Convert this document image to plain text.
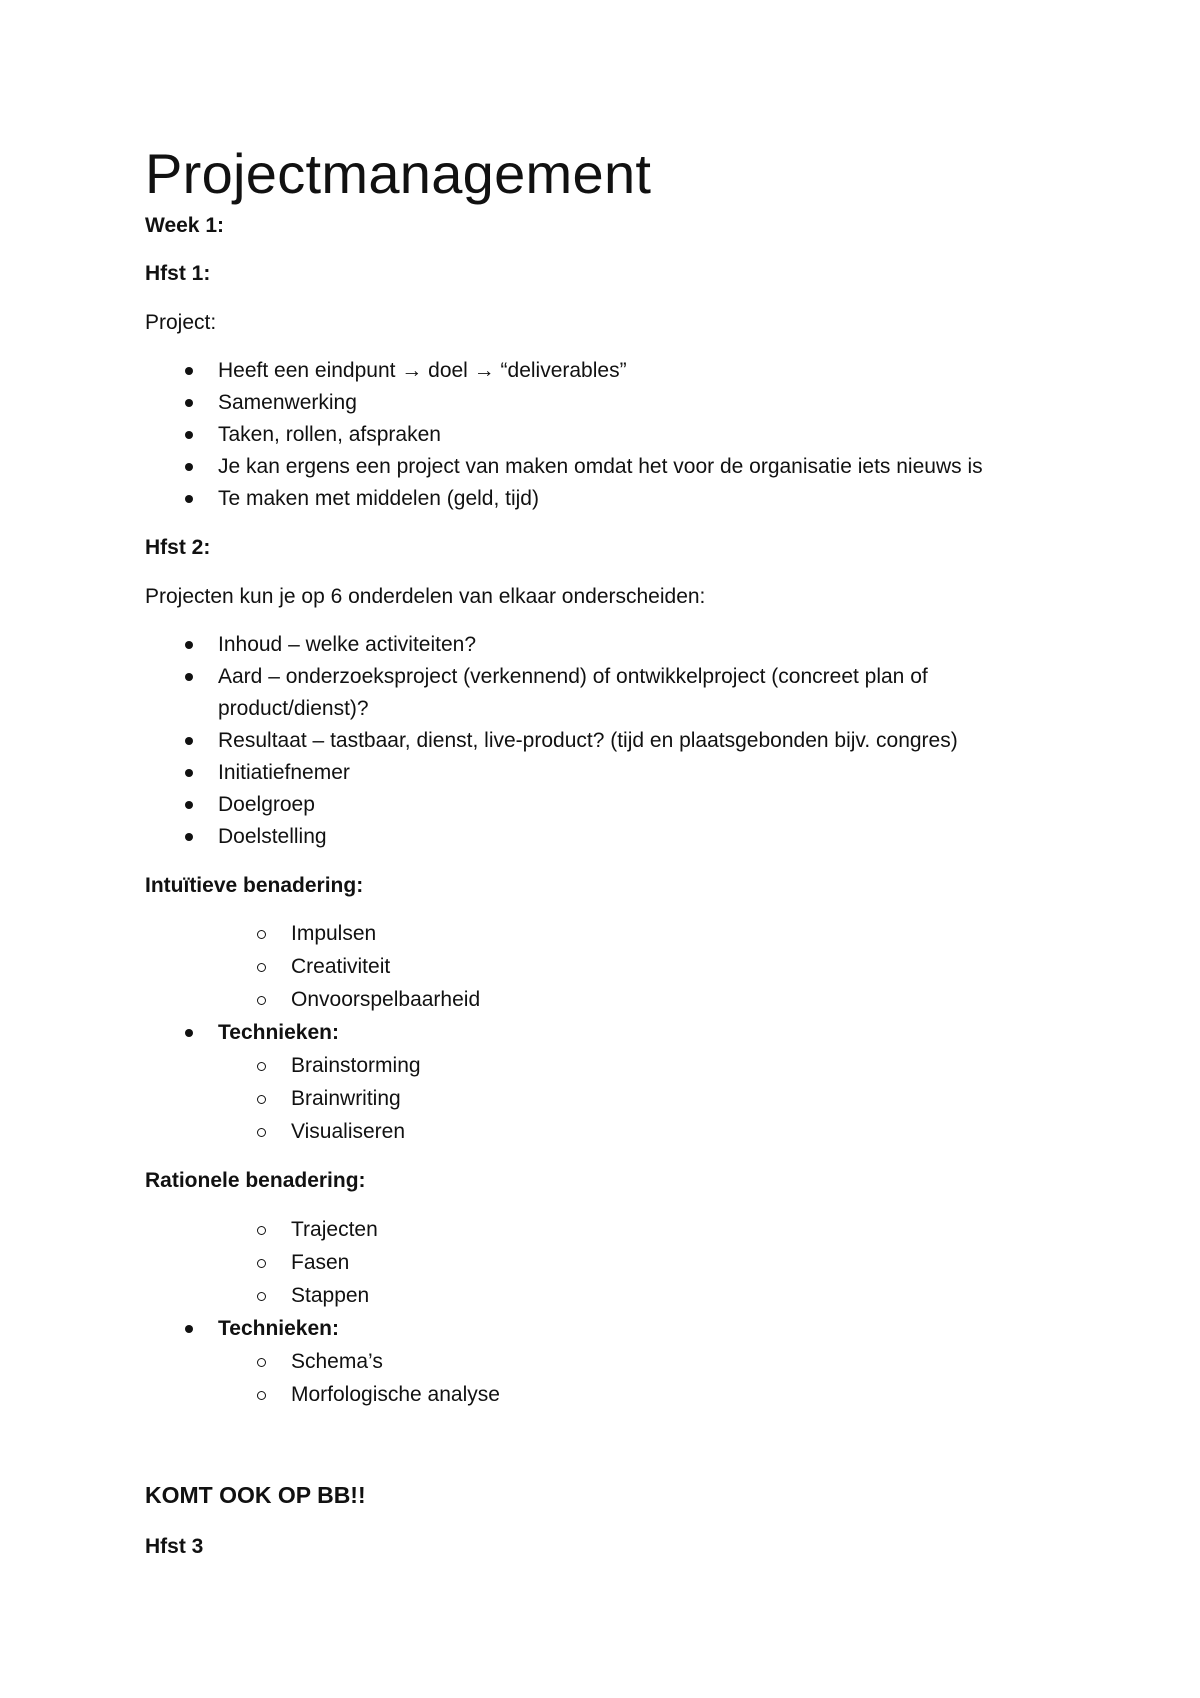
Projectmanagement
Week 1:
Hfst 1:
Project:
Heeft een eindpunt → doel → “deliverables”
Samenwerking
Taken, rollen, afspraken
Je kan ergens een project van maken omdat het voor de organisatie iets nieuws is
Te maken met middelen (geld, tijd)
Hfst 2:
Projecten kun je op 6 onderdelen van elkaar onderscheiden:
Inhoud – welke activiteiten?
Aard – onderzoeksproject (verkennend) of ontwikkelproject (concreet plan of
product/dienst)?
Resultaat – tastbaar, dienst, live-product? (tijd en plaatsgebonden bijv. congres)
Initiatiefnemer
Doelgroep
Doelstelling
Intuïtieve benadering:
Impulsen
Creativiteit
Onvoorspelbaarheid
Technieken:
Brainstorming
Brainwriting
Visualiseren
Rationele benadering:
Trajecten
Fasen
Stappen
Technieken:
Schema’s
Morfologische analyse
KOMT OOK OP BB!!
Hfst 3
